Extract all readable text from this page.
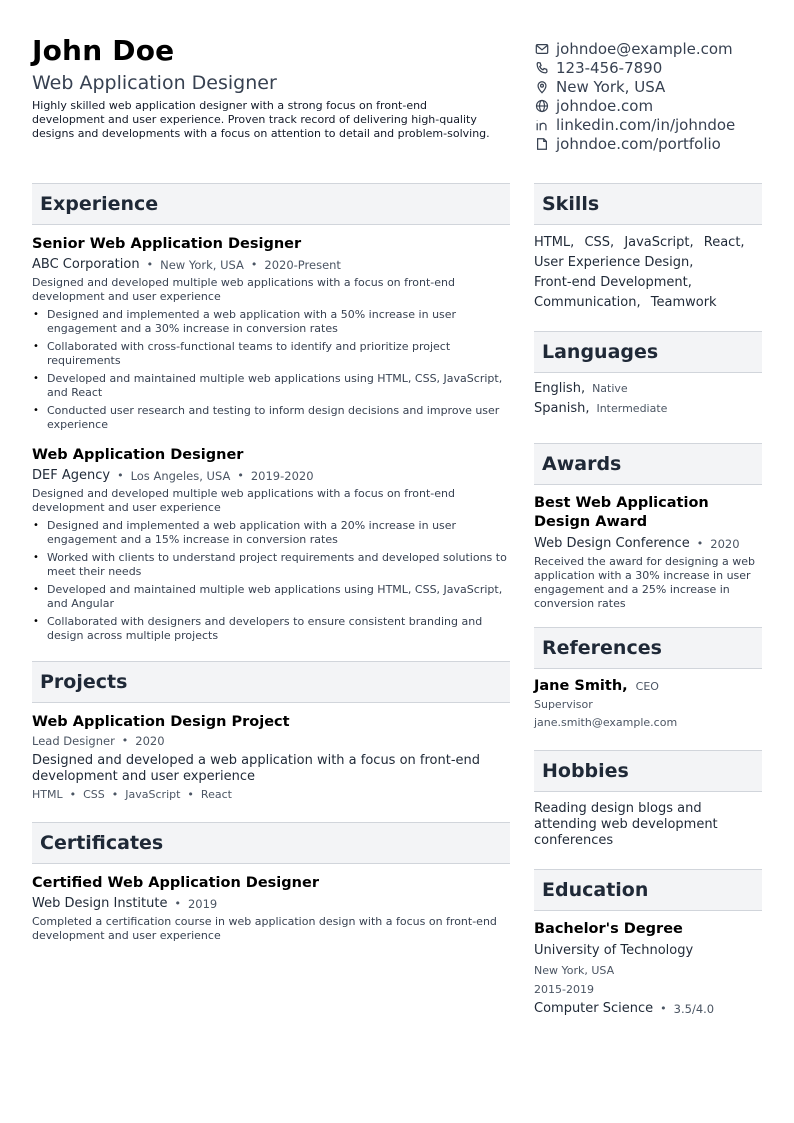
John Doe
Web Application Designer
Highly skilled web application designer with a strong focus on front-end development and user experience. Proven track record of delivering high-quality designs and developments with a focus on attention to detail and problem-solving.
johndoe@example.com
123-456-7890
New York, USA
johndoe.com
linkedin.com/in/johndoe
johndoe.com/portfolio
Experience
Senior Web Application Designer
ABC Corporation • New York, USA • 2020-Present
Designed and developed multiple web applications with a focus on front-end development and user experience
• Designed and implemented a web application with a 50% increase in user engagement and a 30% increase in conversion rates
• Collaborated with cross-functional teams to identify and prioritize project requirements
• Developed and maintained multiple web applications using HTML, CSS, JavaScript, and React
• Conducted user research and testing to inform design decisions and improve user experience
Web Application Designer
DEF Agency • Los Angeles, USA • 2019-2020
Designed and developed multiple web applications with a focus on front-end development and user experience
• Designed and implemented a web application with a 20% increase in user engagement and a 15% increase in conversion rates
• Worked with clients to understand project requirements and developed solutions to meet their needs
• Developed and maintained multiple web applications using HTML, CSS, JavaScript, and Angular
• Collaborated with designers and developers to ensure consistent branding and design across multiple projects
Projects
Web Application Design Project
Lead Designer • 2020
Designed and developed a web application with a focus on front-end development and user experience
HTML • CSS • JavaScript • React
Certificates
Certified Web Application Designer
Web Design Institute • 2019
Completed a certification course in web application design with a focus on front-end development and user experience
Skills
HTML, CSS, JavaScript, React,
User Experience Design,
Front-end Development,
Communication, Teamwork
Languages
English, Native
Spanish, Intermediate
Awards
Best Web Application Design Award
Web Design Conference • 2020
Received the award for designing a web application with a 30% increase in user engagement and a 25% increase in conversion rates
References
Jane Smith, CEO
Supervisor
jane.smith@example.com
Hobbies
Reading design blogs and attending web development conferences
Education
Bachelor's Degree
University of Technology
New York, USA
2015-2019
Computer Science • 3.5/4.0
